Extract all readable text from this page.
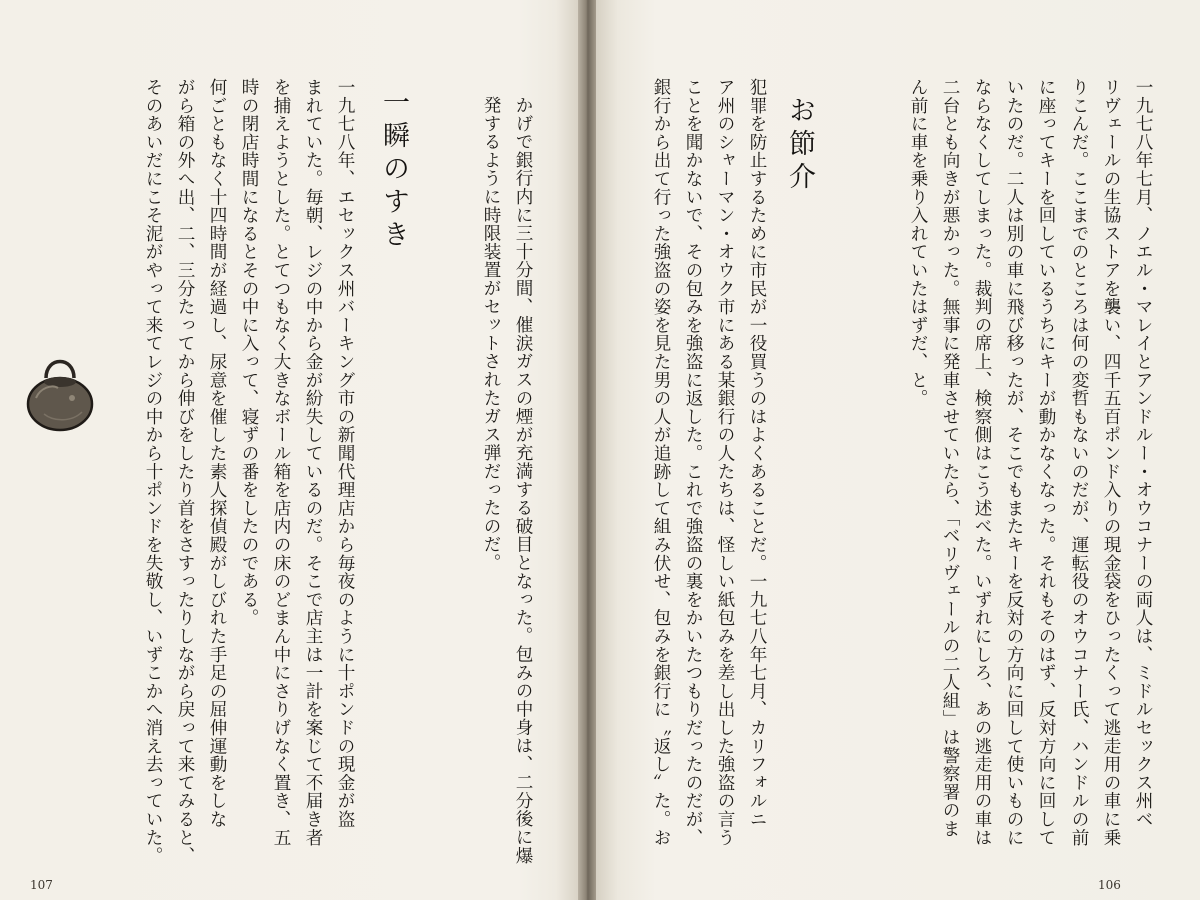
一九七八年七月、ノエル・マレイとアンドルー・オウコナーの両人は、ミドルセックス州ベ
リヴェールの生協ストアを襲い、四千五百ポンド入りの現金袋をひったくって逃走用の車に乗
りこんだ。ここまでのところは何の変哲もないのだが、運転役のオウコナー氏、ハンドルの前
に座ってキーを回しているうちにキーが動かなくなった。それもそのはず、反対方向に回して
いたのだ。二人は別の車に飛び移ったが、そこでもまたキーを反対の方向に回して使いものに
ならなくしてしまった。裁判の席上、検察側はこう述べた。いずれにしろ、あの逃走用の車は
二台とも向きが悪かった。無事に発車させていたら、「ベリヴェールの二人組」は警察署のま
ん前に車を乗り入れていたはずだ、と。
お節介
犯罪を防止するために市民が一役買うのはよくあることだ。一九七八年七月、カリフォルニ
ア州のシャーマン・オウク市にある某銀行の人たちは、怪しい紙包みを差し出した強盗の言う
ことを聞かないで、その包みを強盗に返した。これで強盗の裏をかいたつもりだったのだが、
銀行から出て行った強盗の姿を見た男の人が追跡して組み伏せ、包みを銀行に〝返し〟た。お
106
かげで銀行内に三十分間、催涙ガスの煙が充満する破目となった。包みの中身は、二分後に爆
発するように時限装置がセットされたガス弾だったのだ。
一瞬のすき
一九七八年、エセックス州バーキング市の新聞代理店から毎夜のように十ポンドの現金が盗
まれていた。毎朝、レジの中から金が紛失しているのだ。そこで店主は一計を案じて不届き者
を捕えようとした。とてつもなく大きなボール箱を店内の床のどまん中にさりげなく置き、五
時の閉店時間になるとその中に入って、寝ずの番をしたのである。
何ごともなく十四時間が経過し、尿意を催した素人探偵殿がしびれた手足の屈伸運動をしな
がら箱の外へ出、二、三分たってから伸びをしたり首をさすったりしながら戻って来てみると、
そのあいだにこそ泥がやって来てレジの中から十ポンドを失敬し、いずこかへ消え去っていた。
107
